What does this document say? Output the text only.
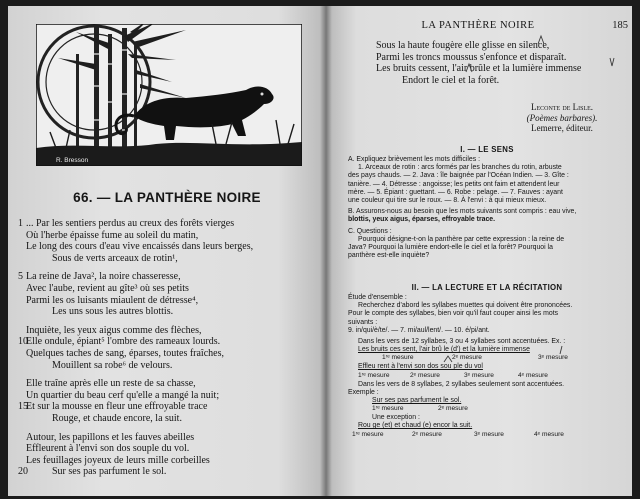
R. Bresson
66. — LA PANTHÈRE NOIRE
1 ... Par les sentiers perdus au creux des forêts vierges
Où l'herbe épaisse fume au soleil du matin,
Le long des cours d'eau vive encaissés dans leurs berges,
Sous de verts arceaux de rotin¹,
5 La reine de Java², la noire chasseresse,
Avec l'aube, revient au gîte³ où ses petits
Parmi les os luisants miaulent de détresse⁴,
Les uns sous les autres blottis.
Inquiète, les yeux aigus comme des flèches,
10
Elle ondule, épiant⁵ l'ombre des rameaux lourds.
Quelques taches de sang, éparses, toutes fraîches,
Mouillent sa robe⁶ de velours.
Elle traîne après elle un reste de sa chasse,
Un quartier du beau cerf qu'elle a mangé la nuit;
15
Et sur la mousse en fleur une effroyable trace
Rouge, et chaude encore, la suit.
Autour, les papillons et les fauves abeilles
Effleurent à l'envi son dos souple du vol.
Les feuillages joyeux de leurs mille corbeilles
20	Sur ses pas parfument le sol.
LA PANTHÈRE NOIRE	185
Sous la haute fougère elle glisse en silence,
Parmi les troncs moussus s'enfonce et disparaît.
Les bruits cessent, l'air brûle et la lumière immense
Endort le ciel et la forêt.
Leconte de Lisle.
(Poèmes barbares).
Lemerre, éditeur.
I. — LE SENS
A. Expliquez brièvement les mots difficiles :
1. Arceaux de rotin : arcs formés par les branches du rotin, arbuste
des pays chauds. — 2. Java : île baignée par l'Océan Indien. — 3. Gîte :
tanière. — 4. Détresse : angoisse; les petits ont faim et attendent leur
mère. — 5. Épiant : guettant. — 6. Robe : pelage. — 7. Fauves : ayant
une couleur qui tire sur le roux. — 8. À l'envi : à qui mieux mieux.
B. Assurons-nous au besoin que les mots suivants sont compris : eau vive,
blottis, yeux aigus, éparses, effroyable trace.
C. Questions :
Pourquoi désigne-t-on la panthère par cette expression : la reine de
Java? Pourquoi la lumière endort-elle le ciel et la forêt? Pourquoi la
panthère est-elle inquiète?
II. — LA LECTURE ET LA RÉCITATION
Étude d'ensemble :
Recherchez d'abord les syllabes muettes qui doivent être prononcées.
Pour le compte des syllabes, bien voir qu'il faut couper ainsi les mots
suivants :
9. in/qui/è/te/. — 7. mi/aul/lent/. — 10. é/pi/ant.
Dans les vers de 12 syllabes, 3 ou 4 syllabes sont accentuées. Ex. :
Les bruits ces sent, l'air brû le (d') et la lumière immense
1ʳᵉ mesure	2ᵉ mesure	3ᵉ mesure
Efflеu rent à l'envi son dos sou ple du vol
1ʳᵉ mesure	2ᵉ mesure	3ᵉ mesure	4ᵉ mesure
Dans les vers de 8 syllabes, 2 syllabes seulement sont accentuées.
Exemple :
Sur ses pas parfument le sol.
1ʳᵉ mesure	2ᵉ mesure
Une exception :
Rou ge (et) et chaud (e) encor la suit.
1ʳᵉ mesure	2ᵉ mesure	3ᵉ mesure	4ᵉ mesure
